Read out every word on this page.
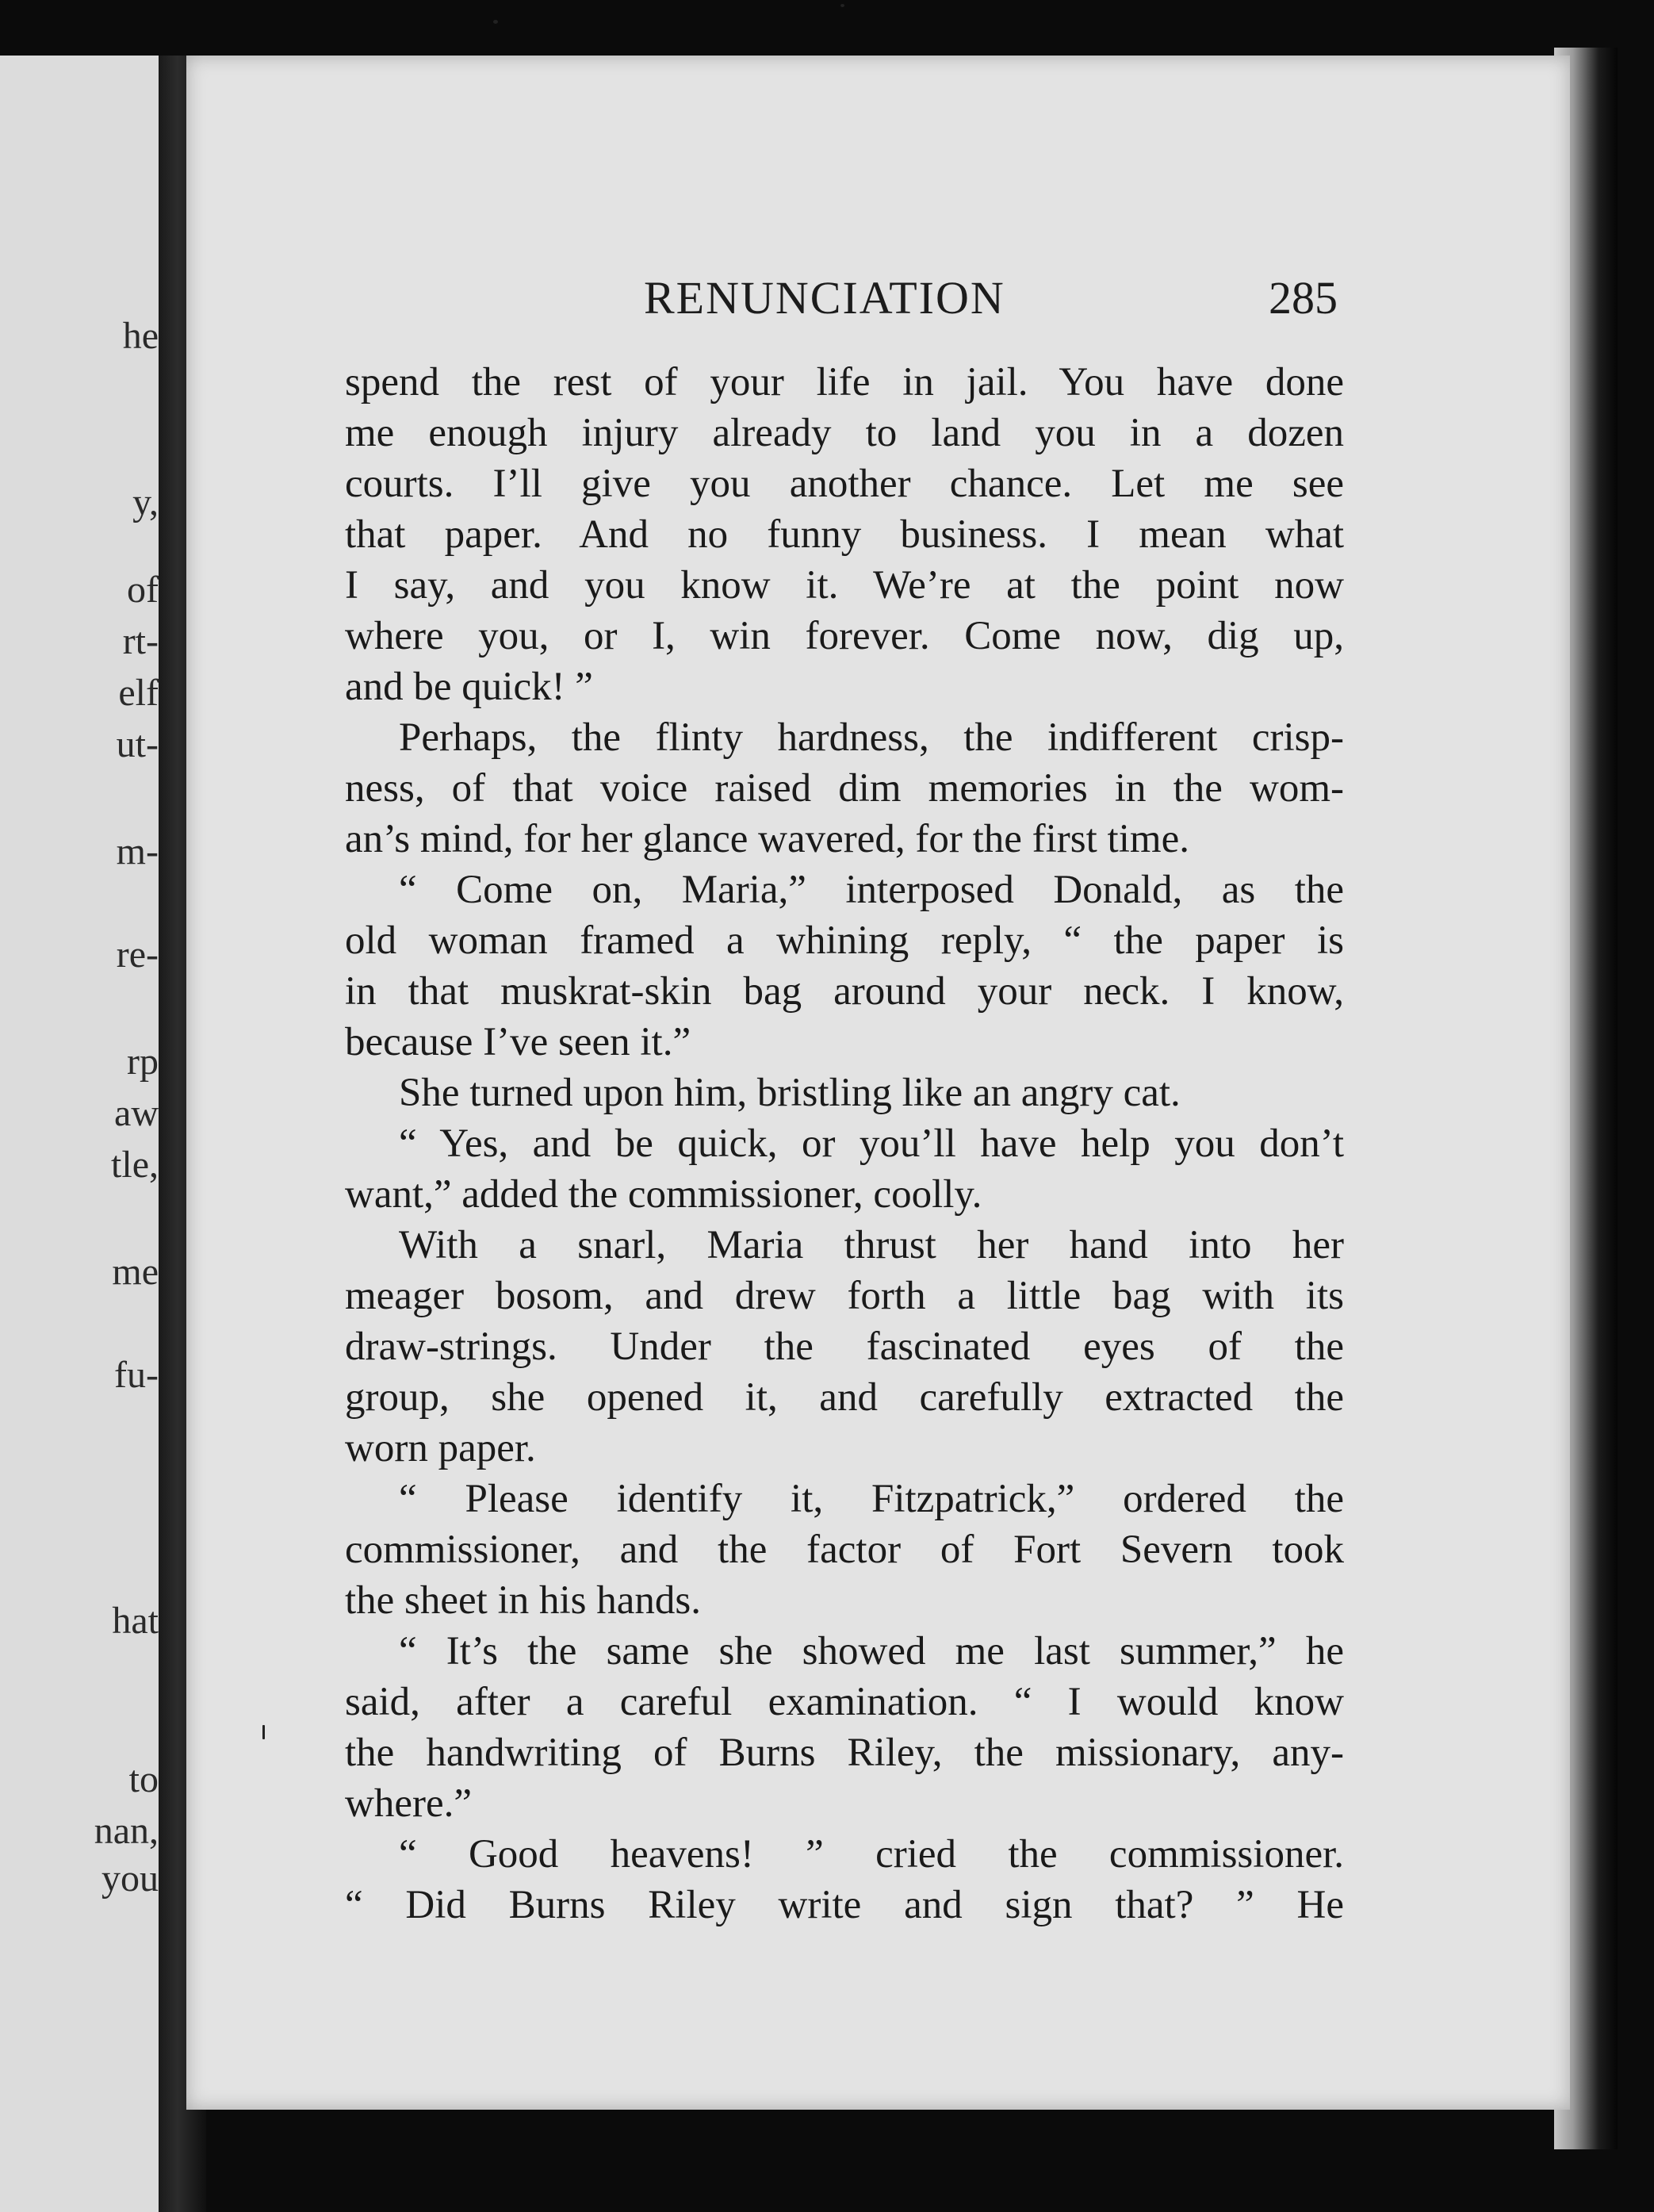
he
y,
of
rt-
elf
ut-
m-
re-
rp
aw
tle,
me
fu-
hat
to
nan,
you
RENUNCIATION	285
spend the rest of your life in jail. You have done
me enough injury already to land you in a dozen
courts. I’ll give you another chance. Let me see
that paper. And no funny business. I mean what
I say, and you know it. We’re at the point now
where you, or I, win forever. Come now, dig up,
and be quick! ”
Perhaps, the flinty hardness, the indifferent crisp-
ness, of that voice raised dim memories in the wom-
an’s mind, for her glance wavered, for the first time.
“ Come on, Maria,” interposed Donald, as the
old woman framed a whining reply, “ the paper is
in that muskrat-skin bag around your neck. I know,
because I’ve seen it.”
She turned upon him, bristling like an angry cat.
“ Yes, and be quick, or you’ll have help you don’t
want,” added the commissioner, coolly.
With a snarl, Maria thrust her hand into her
meager bosom, and drew forth a little bag with its
draw-strings. Under the fascinated eyes of the
group, she opened it, and carefully extracted the
worn paper.
“ Please identify it, Fitzpatrick,” ordered the
commissioner, and the factor of Fort Severn took
the sheet in his hands.
“ It’s the same she showed me last summer,” he
said, after a careful examination. “ I would know
the handwriting of Burns Riley, the missionary, any-
where.”
“ Good heavens! ” cried the commissioner.
“ Did Burns Riley write and sign that? ” He
